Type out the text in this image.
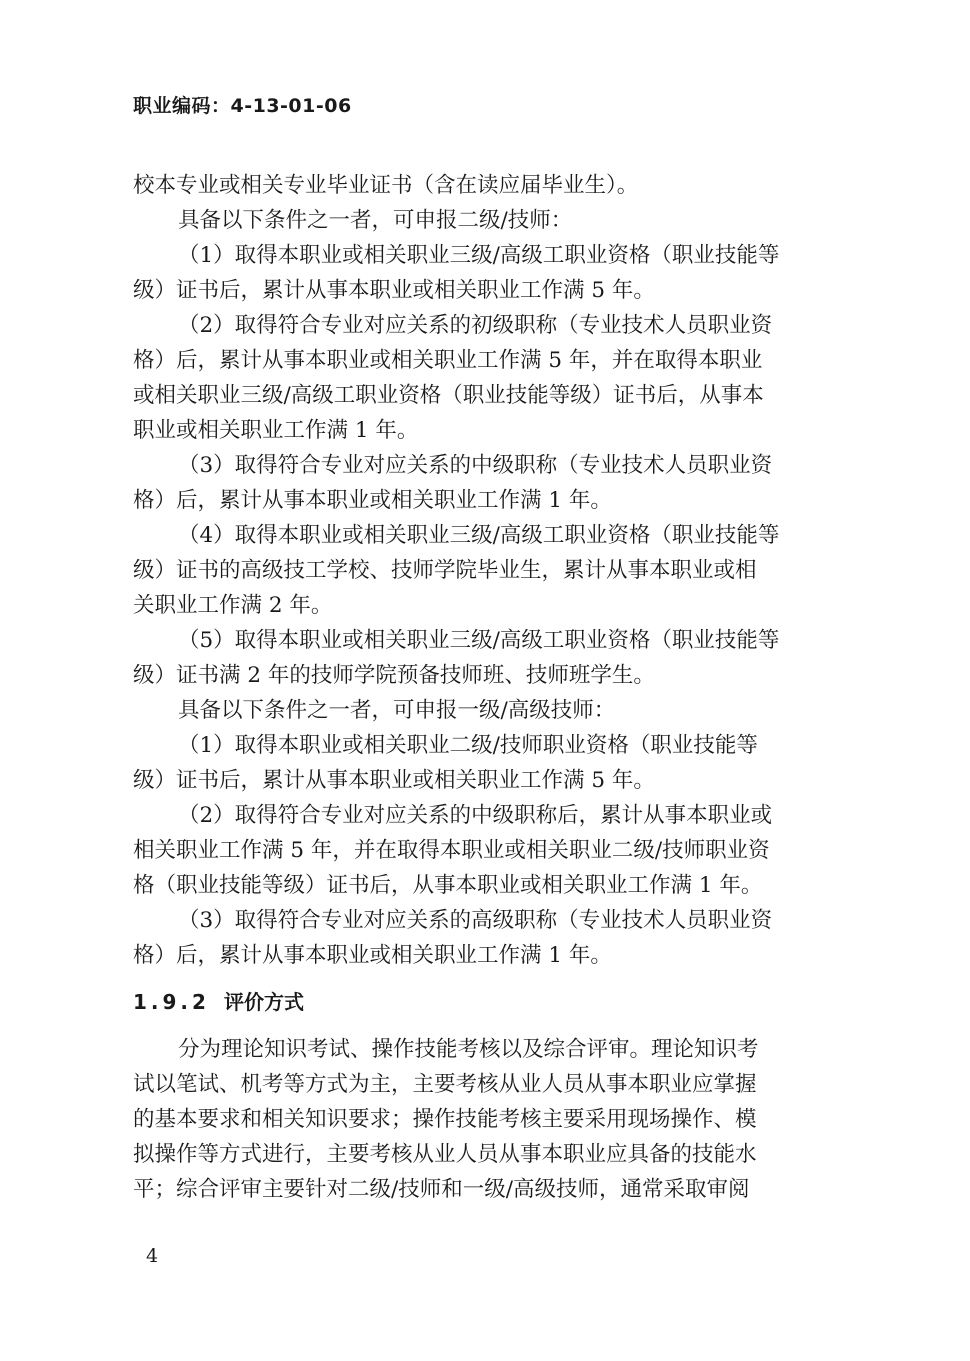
职业编码：4-13-01-06
校本专业或相关专业毕业证书（含在读应届毕业生）。
具备以下条件之一者，可申报二级/技师：
（1）取得本职业或相关职业三级/高级工职业资格（职业技能等
级）证书后，累计从事本职业或相关职业工作满 5 年。
（2）取得符合专业对应关系的初级职称（专业技术人员职业资
格）后，累计从事本职业或相关职业工作满 5 年，并在取得本职业
或相关职业三级/高级工职业资格（职业技能等级）证书后，从事本
职业或相关职业工作满 1 年。
（3）取得符合专业对应关系的中级职称（专业技术人员职业资
格）后，累计从事本职业或相关职业工作满 1 年。
（4）取得本职业或相关职业三级/高级工职业资格（职业技能等
级）证书的高级技工学校、技师学院毕业生，累计从事本职业或相
关职业工作满 2 年。
（5）取得本职业或相关职业三级/高级工职业资格（职业技能等
级）证书满 2 年的技师学院预备技师班、技师班学生。
具备以下条件之一者，可申报一级/高级技师：
（1）取得本职业或相关职业二级/技师职业资格（职业技能等
级）证书后，累计从事本职业或相关职业工作满 5 年。
（2）取得符合专业对应关系的中级职称后，累计从事本职业或
相关职业工作满 5 年，并在取得本职业或相关职业二级/技师职业资
格（职业技能等级）证书后，从事本职业或相关职业工作满 1 年。
（3）取得符合专业对应关系的高级职称（专业技术人员职业资
格）后，累计从事本职业或相关职业工作满 1 年。
1.9.2 评价方式
分为理论知识考试、操作技能考核以及综合评审。理论知识考
试以笔试、机考等方式为主，主要考核从业人员从事本职业应掌握
的基本要求和相关知识要求；操作技能考核主要采用现场操作、模
拟操作等方式进行，主要考核从业人员从事本职业应具备的技能水
平；综合评审主要针对二级/技师和一级/高级技师，通常采取审阅
4
